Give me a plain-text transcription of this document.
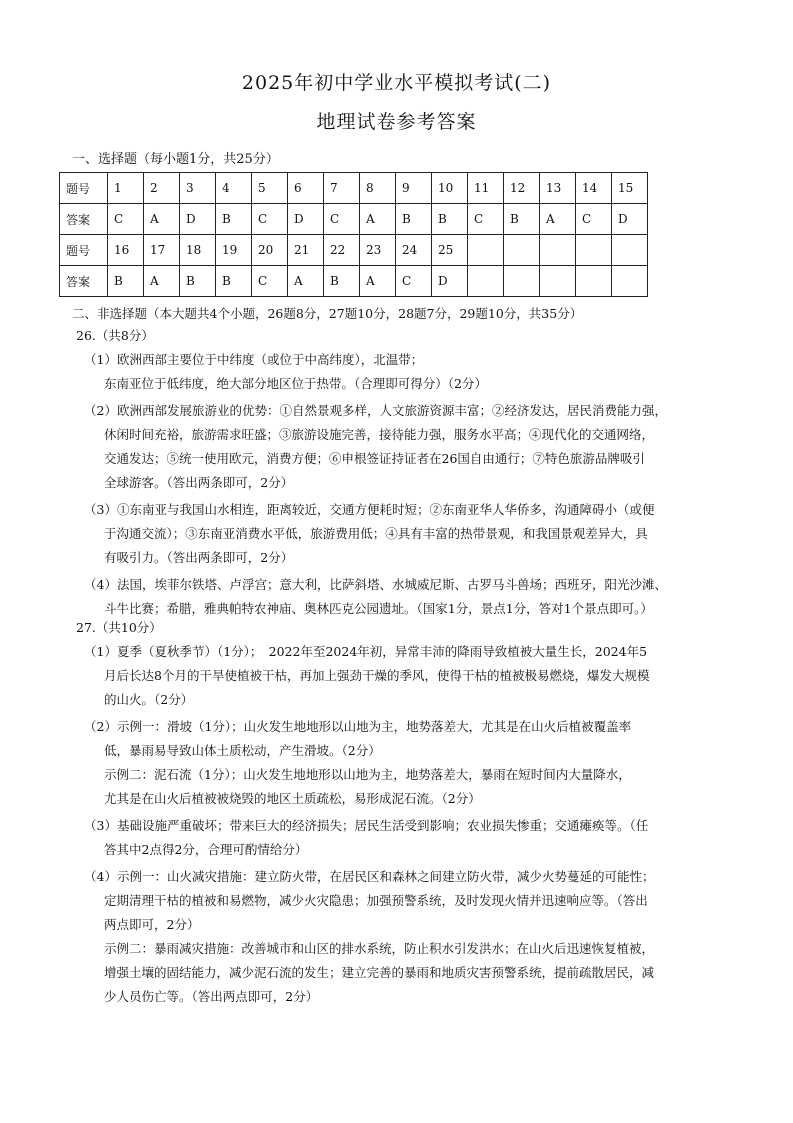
2025年初中学业水平模拟考试(二)
地理试卷参考答案
一、选择题（每小题1分，共25分）
题号	1	2	3	4	5	6	7	8	9	10	11	12	13	14	15
答案	C	A	D	B	C	D	C	A	B	B	C	B	A	C	D
题号	16	17	18	19	20	21	22	23	24	25					
答案	B	A	B	B	C	A	B	A	C	D					
二、非选择题（本大题共4个小题，26题8分，27题10分，28题7分，29题10分，共35分）
26.（共8分）
（1）欧洲西部主要位于中纬度（或位于中高纬度），北温带；
东南亚位于低纬度，绝大部分地区位于热带。（合理即可得分）（2分）
（2）欧洲西部发展旅游业的优势：①自然景观多样，人文旅游资源丰富；②经济发达，居民消费能力强，
休闲时间充裕，旅游需求旺盛；③旅游设施完善，接待能力强，服务水平高；④现代化的交通网络，
交通发达；⑤统一使用欧元，消费方便；⑥申根签证持证者在26国自由通行；⑦特色旅游品牌吸引
全球游客。（答出两条即可，2分）
（3）①东南亚与我国山水相连，距离较近，交通方便耗时短；②东南亚华人华侨多，沟通障碍小（或便
于沟通交流）；③东南亚消费水平低，旅游费用低；④具有丰富的热带景观，和我国景观差异大，具
有吸引力。（答出两条即可，2分）
（4）法国，埃菲尔铁塔、卢浮宫；意大利，比萨斜塔、水城威尼斯、古罗马斗兽场；西班牙，阳光沙滩、
斗牛比赛；希腊，雅典帕特农神庙、奥林匹克公园遗址。（国家1分，景点1分，答对1个景点即可。）
27.（共10分）
（1）夏季（夏秋季节）（1分）；　2022年至2024年初，异常丰沛的降雨导致植被大量生长，2024年5
月后长达8个月的干旱使植被干枯，再加上强劲干燥的季风，使得干枯的植被极易燃烧，爆发大规模
的山火。（2分）
（2）示例一：滑坡（1分）；山火发生地地形以山地为主，地势落差大，尤其是在山火后植被覆盖率
低，暴雨易导致山体土质松动，产生滑坡。（2分）
示例二：泥石流（1分）；山火发生地地形以山地为主，地势落差大，暴雨在短时间内大量降水，
尤其是在山火后植被被烧毁的地区土质疏松，易形成泥石流。（2分）
（3）基础设施严重破坏；带来巨大的经济损失；居民生活受到影响；农业损失惨重；交通瘫痪等。（任
答其中2点得2分，合理可酌情给分）
（4）示例一：山火减灾措施：建立防火带，在居民区和森林之间建立防火带，减少火势蔓延的可能性；
定期清理干枯的植被和易燃物，减少火灾隐患；加强预警系统，及时发现火情并迅速响应等。（答出
两点即可，2分）
示例二：暴雨减灾措施：改善城市和山区的排水系统，防止积水引发洪水；在山火后迅速恢复植被，
增强土壤的固结能力，减少泥石流的发生；建立完善的暴雨和地质灾害预警系统，提前疏散居民，减
少人员伤亡等。（答出两点即可，2分）
